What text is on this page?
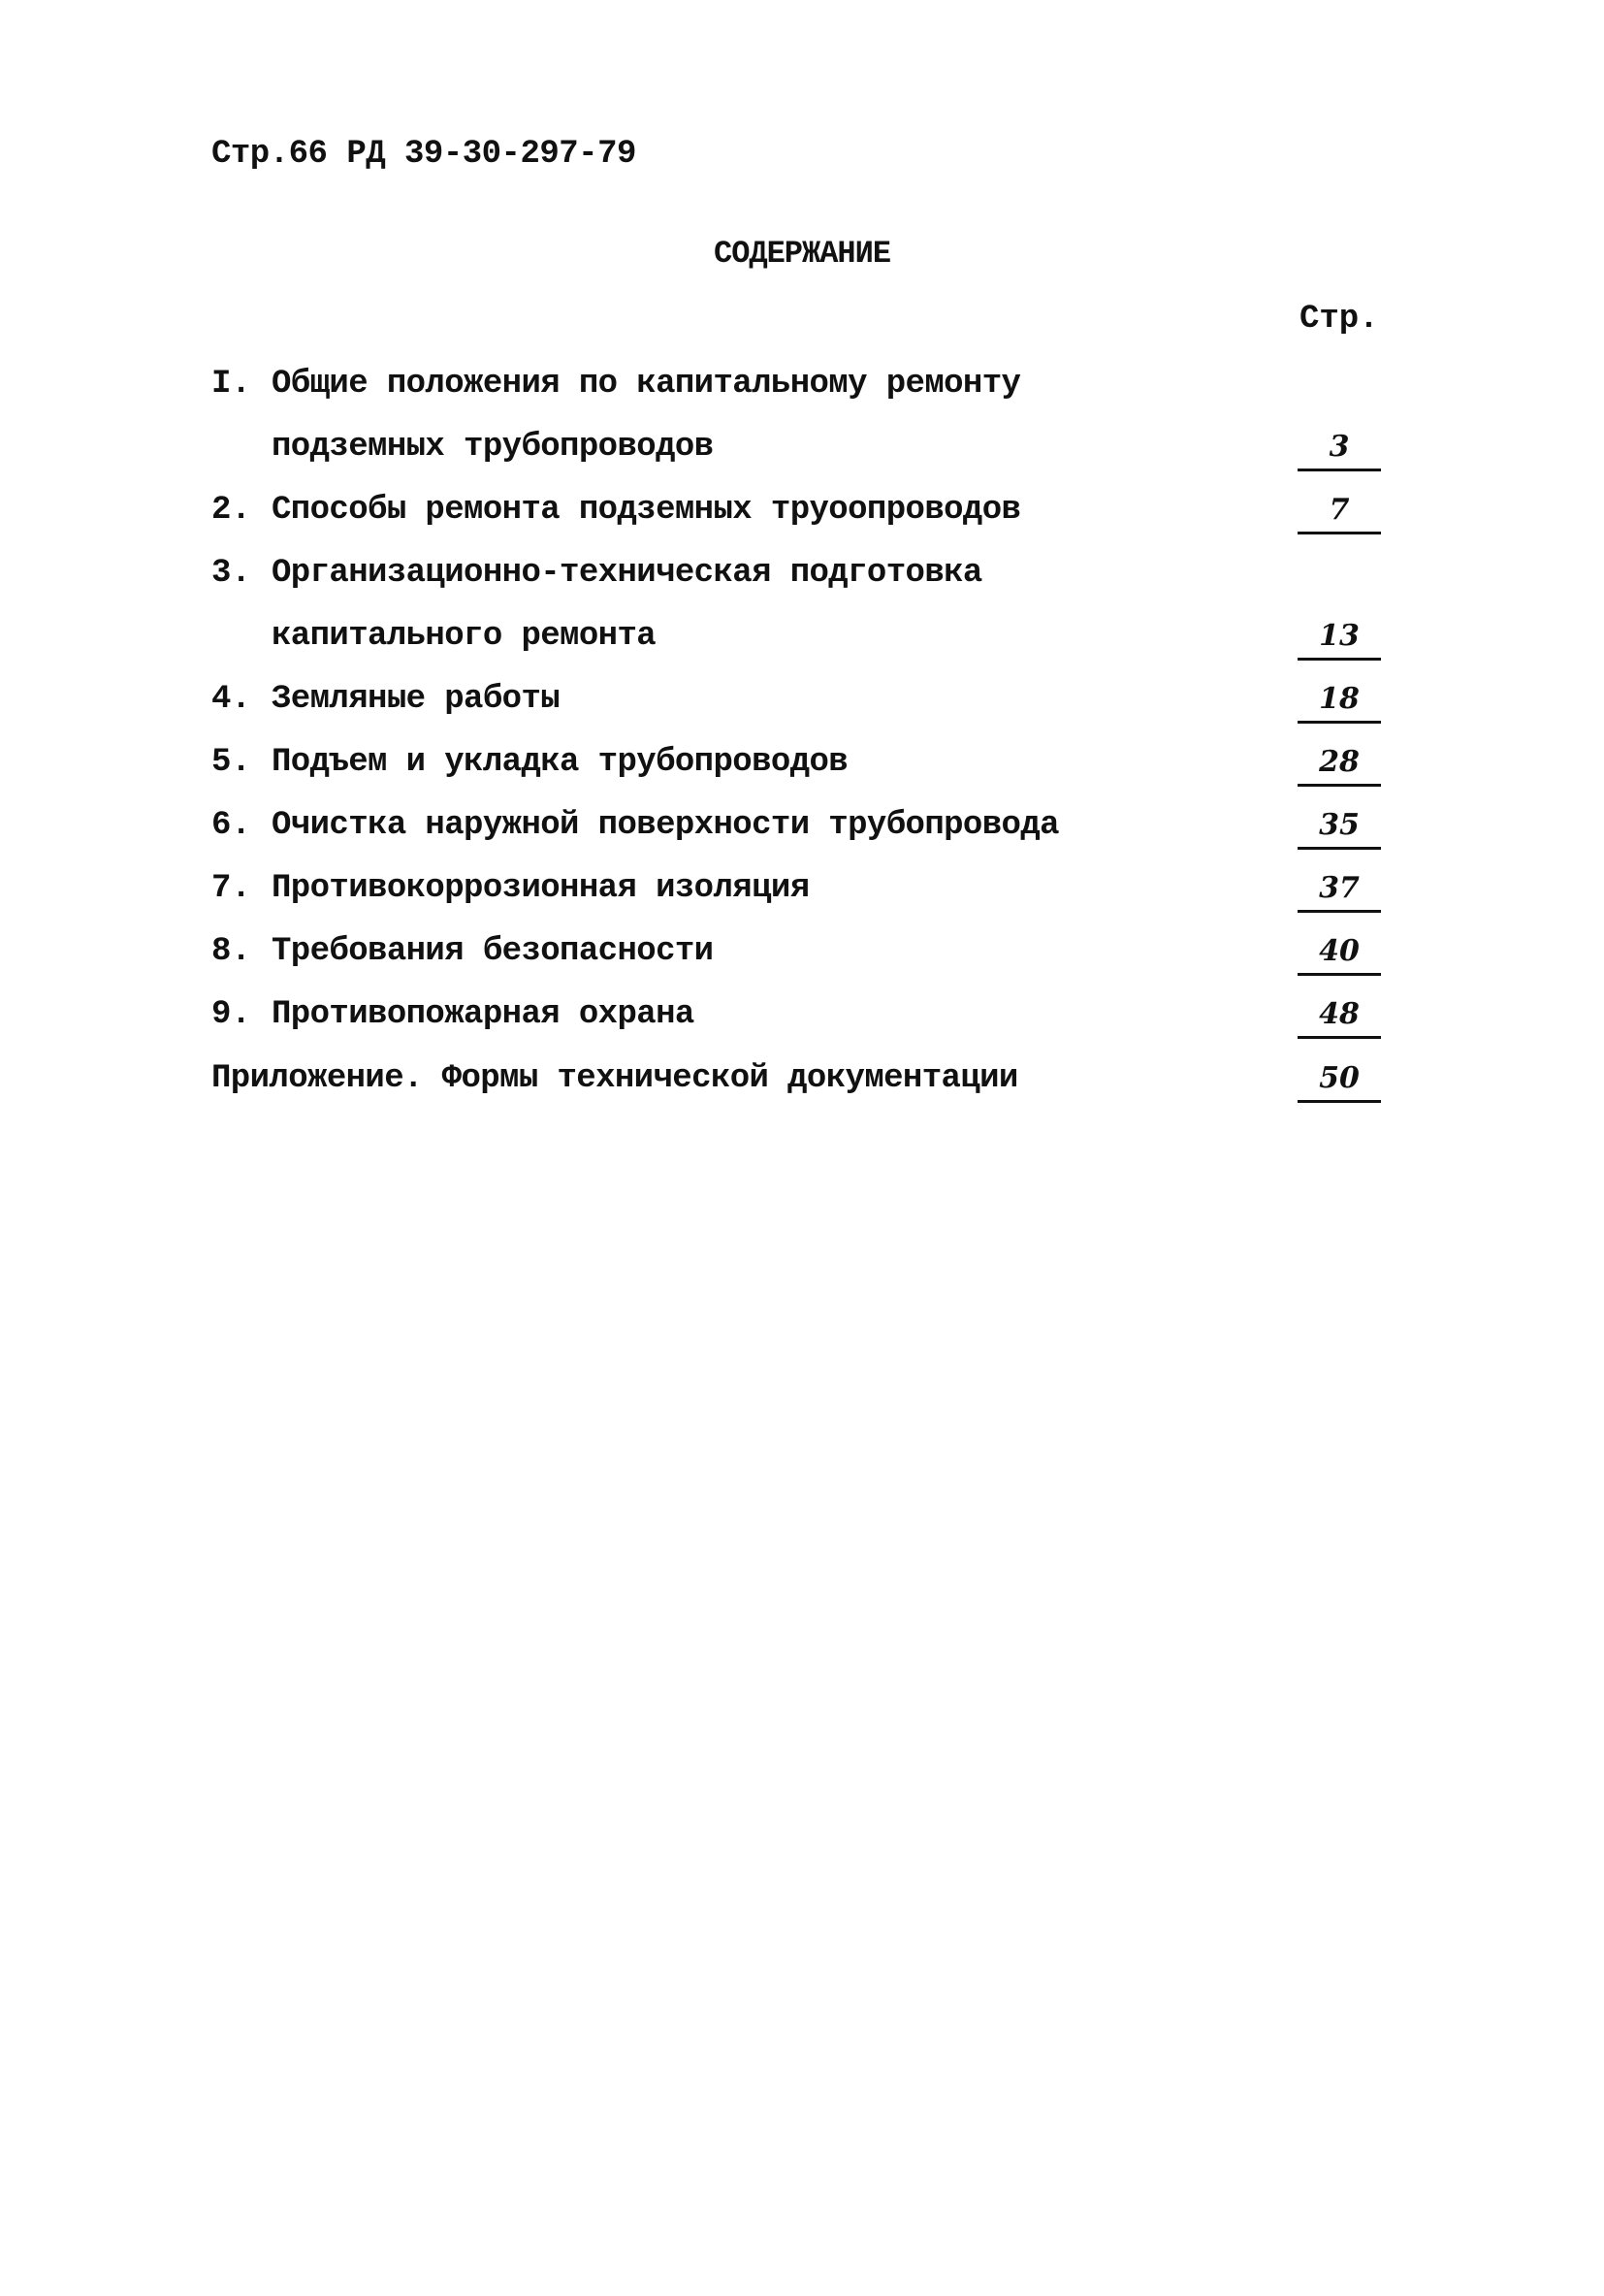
Стр.66 РД 39-30-297-79
СОДЕРЖАНИЕ
Стр.
I. Общие положения по капитальному ремонту
подземных трубопроводов	3
2. Способы ремонта подземных труоопроводов	7
3. Организационно-техническая подготовка
капитального ремонта	13
4. Земляные работы	18
5. Подъем и укладка трубопроводов	28
6. Очистка наружной поверхности трубопровода	35
7. Противокоррозионная изоляция	37
8. Требования безопасности	40
9. Противопожарная охрана	48
Приложение. Формы технической документации	50
